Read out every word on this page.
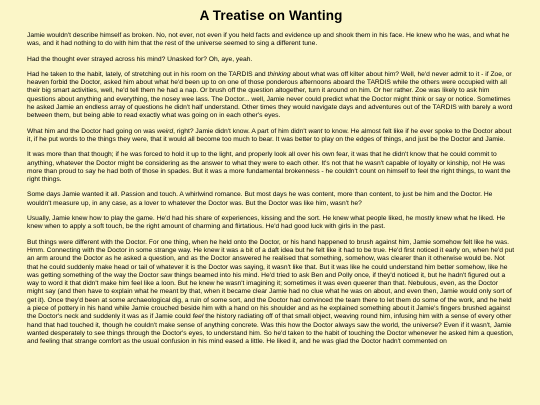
A Treatise on Wanting

Jamie wouldn't describe himself as broken. No, not ever, not even if you held facts and evidence up and shook them in his face. He knew who he was, and what he was, and it had nothing to do with him that the rest of the universe seemed to sing a different tune.

Had the thought ever strayed across his mind? Unasked for? Oh, aye, yeah.

Had he taken to the habit, lately, of stretching out in his room on the TARDIS and thinking about what was off kilter about him? Well, he'd never admit to it - if Zoe, or heaven forbid the Doctor, asked him about what he'd been up to on one of those ponderous afternoons aboard the TARDIS while the others were occupied with all their big smart activities, well, he'd tell them he had a nap. Or brush off the question altogether, turn it around on him. Or her rather. Zoe was likely to ask him questions about anything and everything, the nosey wee lass. The Doctor... well, Jamie never could predict what the Doctor might think or say or notice. Sometimes he asked Jamie an endless array of questions he didn't half understand. Other times they would navigate days and adventures out of the TARDIS with barely a word between them, but being able to read exactly what was going on in each other's eyes.

What him and the Doctor had going on was weird, right? Jamie didn't know. A part of him didn't want to know. He almost felt like if he ever spoke to the Doctor about it, if he put words to the things they were, that it would all become too much to bear. It was better to play on the edges of things, and just be the Doctor and Jamie.

It was more than that though; if he was forced to hold it up to the light, and properly look all over his own fear, it was that he didn't know that he could commit to anything, whatever the Doctor might be considering as the answer to what they were to each other. It's not that he wasn't capable of loyalty or kinship, no! He was more than proud to say he had both of those in spades. But it was a more fundamental brokenness - he couldn't count on himself to feel the right things, to want the right things.

Some days Jamie wanted it all. Passion and touch. A whirlwind romance. But most days he was content, more than content, to just be him and the Doctor. He wouldn't measure up, in any case, as a lover to whatever the Doctor was. But the Doctor was like him, wasn't he?

Usually, Jamie knew how to play the game. He'd had his share of experiences, kissing and the sort. He knew what people liked, he mostly knew what he liked. He knew when to apply a soft touch, be the right amount of charming and flirtatious. He'd had good luck with girls in the past.

But things were different with the Doctor. For one thing, when he held onto the Doctor, or his hand happened to brush against him, Jamie somehow felt like he was. Hmm. Connecting with the Doctor in some strange way. He knew it was a bit of a daft idea but he felt like it had to be true. He'd first noticed it early on, when he'd put an arm around the Doctor as he asked a question, and as the Doctor answered he realised that something, somehow, was clearer than it otherwise would be. Not that he could suddenly make head or tail of whatever it is the Doctor was saying, it wasn't like that. But it was like he could understand him better somehow, like he was getting something of the way the Doctor saw things beamed into his mind. He'd tried to ask Ben and Polly once, if they'd noticed it, but he hadn't figured out a way to word it that didn't make him feel like a loon. But he knew he wasn't imagining it; sometimes it was even queerer than that. Nebulous, even, as the Doctor might say (and then have to explain what he meant by that, when it became clear Jamie had no clue what he was on about, and even then, Jamie would only sort of get it). Once they'd been at some archaeological dig, a ruin of some sort, and the Doctor had convinced the team there to let them do some of the work, and he held a piece of pottery in his hand while Jamie crouched beside him with a hand on his shoulder and as he explained something about it Jamie's fingers brushed against the Doctor's neck and suddenly it was as if Jamie could feel the history radiating off of that small object, weaving round him, infusing him with a sense of every other hand that had touched it, though he couldn't make sense of anything concrete. Was this how the Doctor always saw the world, the universe? Even if it wasn't, Jamie wanted desperately to see things through the Doctor's eyes, to understand him. So he'd taken to the habit of touching the Doctor whenever he asked him a question, and feeling that strange comfort as the usual confusion in his mind eased a little. He liked it, and he was glad the Doctor hadn't commented on
